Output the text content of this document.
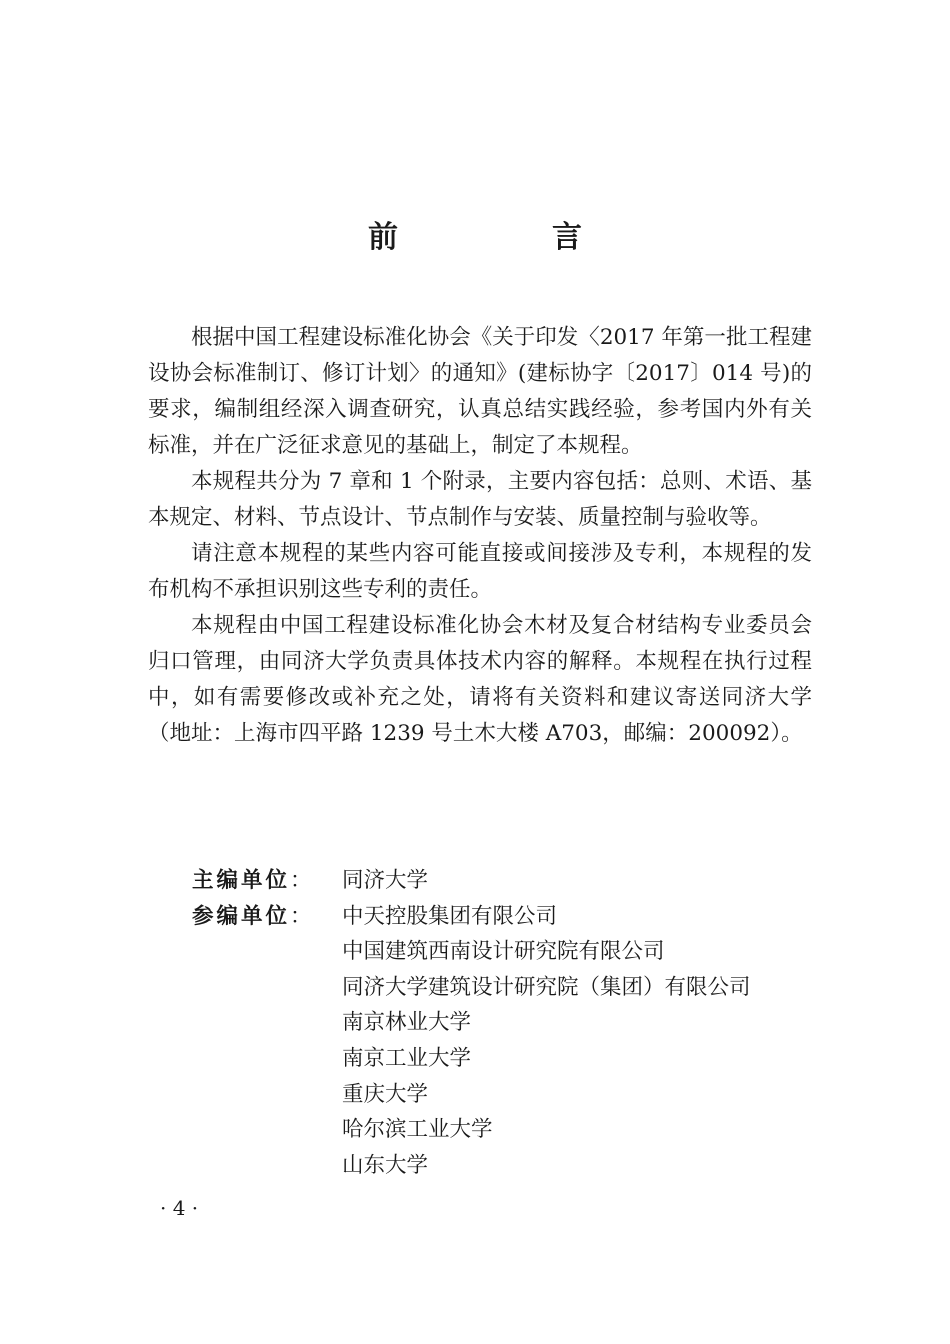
前　言

根据中国工程建设标准化协会《关于印发〈2017 年第一批工程建设协会标准制订、修订计划〉的通知》(建标协字〔2017〕014 号)的要求，编制组经深入调查研究，认真总结实践经验，参考国内外有关标准，并在广泛征求意见的基础上，制定了本规程。

本规程共分为 7 章和 1 个附录，主要内容包括：总则、术语、基本规定、材料、节点设计、节点制作与安装、质量控制与验收等。

请注意本规程的某些内容可能直接或间接涉及专利，本规程的发布机构不承担识别这些专利的责任。

本规程由中国工程建设标准化协会木材及复合材结构专业委员会归口管理，由同济大学负责具体技术内容的解释。本规程在执行过程中，如有需要修改或补充之处，请将有关资料和建议寄送同济大学（地址：上海市四平路 1239 号土木大楼 A703，邮编：200092）。

主编单位：	同济大学
参编单位：	中天控股集团有限公司
中国建筑西南设计研究院有限公司
同济大学建筑设计研究院（集团）有限公司
南京林业大学
南京工业大学
重庆大学
哈尔滨工业大学
山东大学
· 4 ·
